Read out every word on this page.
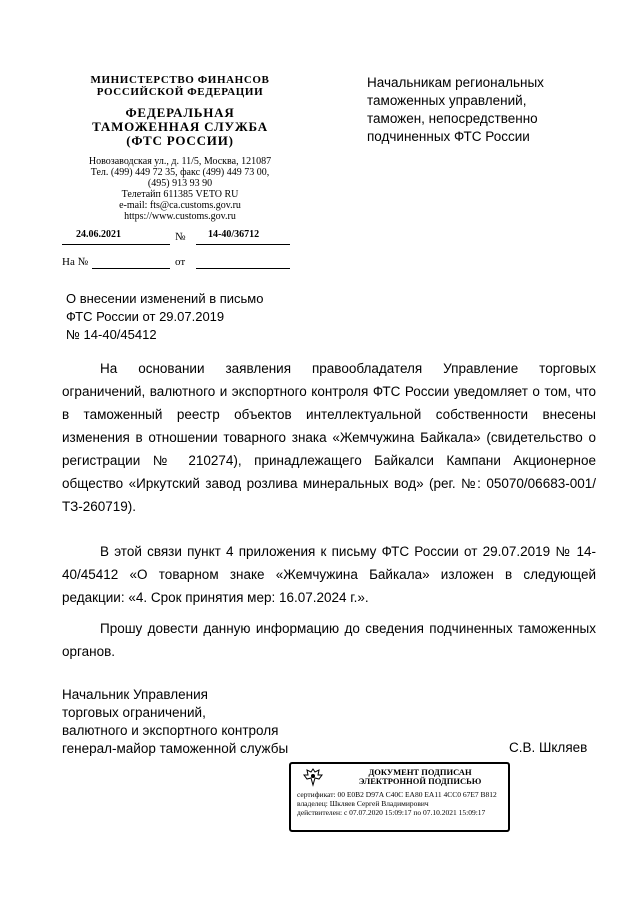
МИНИСТЕРСТВО ФИНАНСОВ
РОССИЙСКОЙ ФЕДЕРАЦИИ
ФЕДЕРАЛЬНАЯ
ТАМОЖЕННАЯ СЛУЖБА
(ФТС РОССИИ)
Новозаводская ул., д. 11/5, Москва, 121087
Тел. (499) 449 72 35, факс (499) 449 73 00,
(495) 913 93 90
Телетайп 611385 VETO RU
e-mail: fts@ca.customs.gov.ru
https://www.customs.gov.ru
Начальникам региональных
таможенных управлений,
таможен, непосредственно
подчиненных ФТС России
24.06.2021	№ 14-40/36712
На №	от
О внесении изменений в письмо
ФТС России от 29.07.2019
№ 14-40/45412

На основании заявления правообладателя Управление торговых ограничений, валютного и экспортного контроля ФТС России уведомляет о том, что в таможенный реестр объектов интеллектуальной собственности внесены изменения в отношении товарного знака «Жемчужина Байкала» (свидетельство о регистрации № 210274), принадлежащего Байкалси Кампани Акционерное общество «Иркутский завод розлива минеральных вод» (рег. №: 05070/06683-001/ТЗ-260719).

В этой связи пункт 4 приложения к письму ФТС России от 29.07.2019 № 14-40/45412 «О товарном знаке «Жемчужина Байкала» изложен в следующей редакции: «4. Срок принятия мер: 16.07.2024 г.».

Прошу довести данную информацию до сведения подчиненных таможенных органов.

Начальник Управления
торговых ограничений,
валютного и экспортного контроля
генерал-майор таможенной службы	С.В. Шкляев
ДОКУМЕНТ ПОДПИСАН ЭЛЕКТРОННОЙ ПОДПИСЬЮ
сертификат: 00 E0B2 D97A C40C EA80 EA11 4CC0 67E7 B812
владелец: Шкляев Сергей Владимирович
действителен: с 07.07.2020 15:09:17 по 07.10.2021 15:09:17
